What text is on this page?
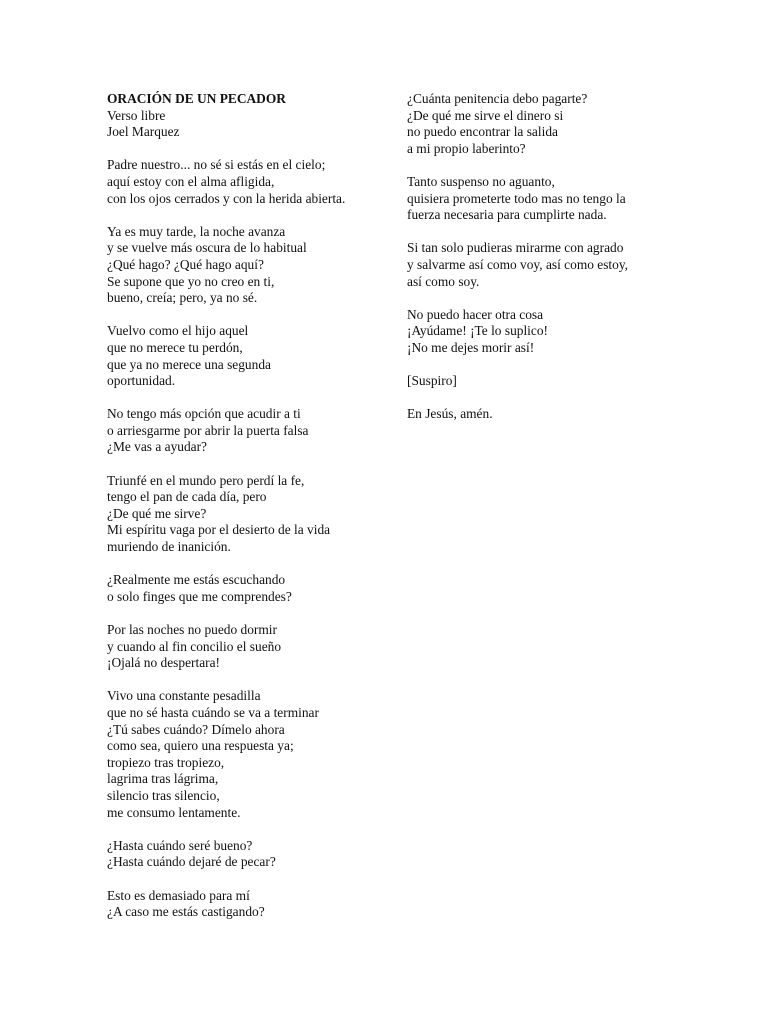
ORACIÓN DE UN PECADOR
Verso libre
Joel Marquez
Padre nuestro... no sé si estás en el cielo;
aquí estoy con el alma afligida,
con los ojos cerrados y con la herida abierta.
Ya es muy tarde, la noche avanza
y se vuelve más oscura de lo habitual
¿Qué hago? ¿Qué hago aquí?
Se supone que yo no creo en ti,
bueno, creía; pero, ya no sé.
Vuelvo como el hijo aquel
que no merece tu perdón,
que ya no merece una segunda
oportunidad.
No tengo más opción que acudir a ti
o arriesgarme por abrir la puerta falsa
¿Me vas a ayudar?
Triunfé en el mundo pero perdí la fe,
tengo el pan de cada día, pero
¿De qué me sirve?
Mi espíritu vaga por el desierto de la vida
muriendo de inanición.
¿Realmente me estás escuchando
o solo finges que me comprendes?
Por las noches no puedo dormir
y cuando al fin concilio el sueño
¡Ojalá no despertara!
Vivo una constante pesadilla
que no sé hasta cuándo se va a terminar
¿Tú sabes cuándo? Dímelo ahora
como sea, quiero una respuesta ya;
tropiezo tras tropiezo,
lagrima tras lágrima,
silencio tras silencio,
me consumo lentamente.
¿Hasta cuándo seré bueno?
¿Hasta cuándo dejaré de pecar?
Esto es demasiado para mí
¿A caso me estás castigando?
¿Cuánta penitencia debo pagarte?
¿De qué me sirve el dinero si
no puedo encontrar la salida
a mi propio laberinto?
Tanto suspenso no aguanto,
quisiera prometerte todo mas no tengo la
fuerza necesaria para cumplirte nada.
Si tan solo pudieras mirarme con agrado
y salvarme así como voy, así como estoy,
así como soy.
No puedo hacer otra cosa
¡Ayúdame! ¡Te lo suplico!
¡No me dejes morir así!
[Suspiro]
En Jesús, amén.
